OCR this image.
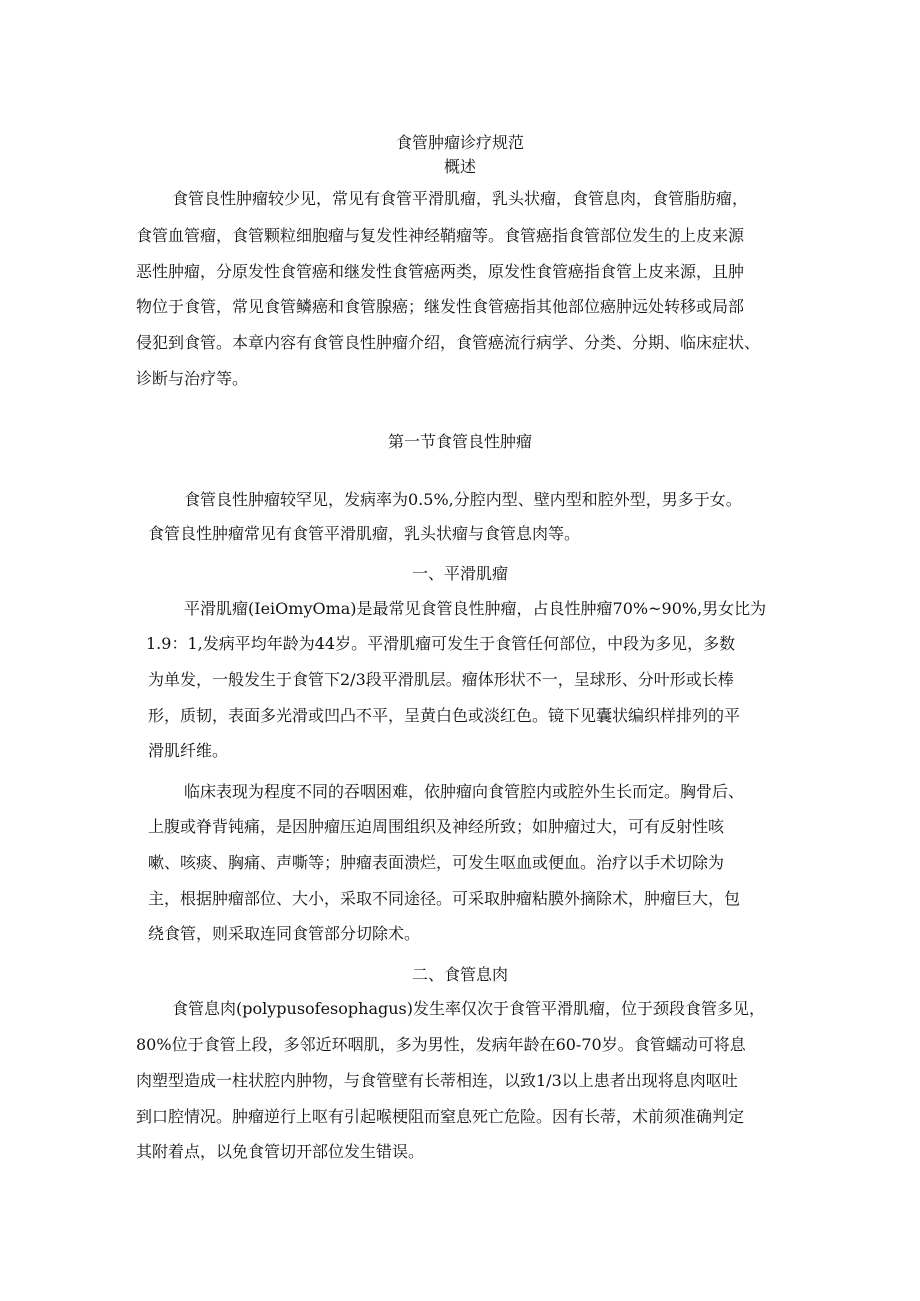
食管肿瘤诊疗规范

概述

食管良性肿瘤较少见，常见有食管平滑肌瘤，乳头状瘤，食管息肉，食管脂肪瘤，

食管血管瘤，食管颗粒细胞瘤与复发性神经鞘瘤等。食管癌指食管部位发生的上皮来源

恶性肿瘤，分原发性食管癌和继发性食管癌两类，原发性食管癌指食管上皮来源，且肿

物位于食管，常见食管鳞癌和食管腺癌；继发性食管癌指其他部位癌肿远处转移或局部

侵犯到食管。本章内容有食管良性肿瘤介绍，食管癌流行病学、分类、分期、临床症状、

诊断与治疗等。

第一节食管良性肿瘤

食管良性肿瘤较罕见，发病率为0.5%,分腔内型、壁内型和腔外型，男多于女。

食管良性肿瘤常见有食管平滑肌瘤，乳头状瘤与食管息肉等。

一、平滑肌瘤

平滑肌瘤(IeiOmyOma)是最常见食管良性肿瘤，占良性肿瘤70%~90%,男女比为

1.9：1,发病平均年龄为44岁。平滑肌瘤可发生于食管任何部位，中段为多见，多数

为单发，一般发生于食管下2/3段平滑肌层。瘤体形状不一，呈球形、分叶形或长棒

形，质韧，表面多光滑或凹凸不平，呈黄白色或淡红色。镜下见囊状编织样排列的平

滑肌纤维。

临床表现为程度不同的吞咽困难，依肿瘤向食管腔内或腔外生长而定。胸骨后、

上腹或脊背钝痛，是因肿瘤压迫周围组织及神经所致；如肿瘤过大，可有反射性咳

嗽、咳痰、胸痛、声嘶等；肿瘤表面溃烂，可发生呕血或便血。治疗以手术切除为

主，根据肿瘤部位、大小，采取不同途径。可采取肿瘤粘膜外摘除术，肿瘤巨大，包

绕食管，则采取连同食管部分切除术。

二、食管息肉

食管息肉(polypusofesophagus)发生率仅次于食管平滑肌瘤，位于颈段食管多见，

80%位于食管上段，多邻近环咽肌，多为男性，发病年龄在60-70岁。食管蠕动可将息

肉塑型造成一柱状腔内肿物，与食管壁有长蒂相连，以致1/3以上患者出现将息肉呕吐

到口腔情况。肿瘤逆行上呕有引起喉梗阻而窒息死亡危险。因有长蒂，术前须准确判定

其附着点，以免食管切开部位发生错误。
